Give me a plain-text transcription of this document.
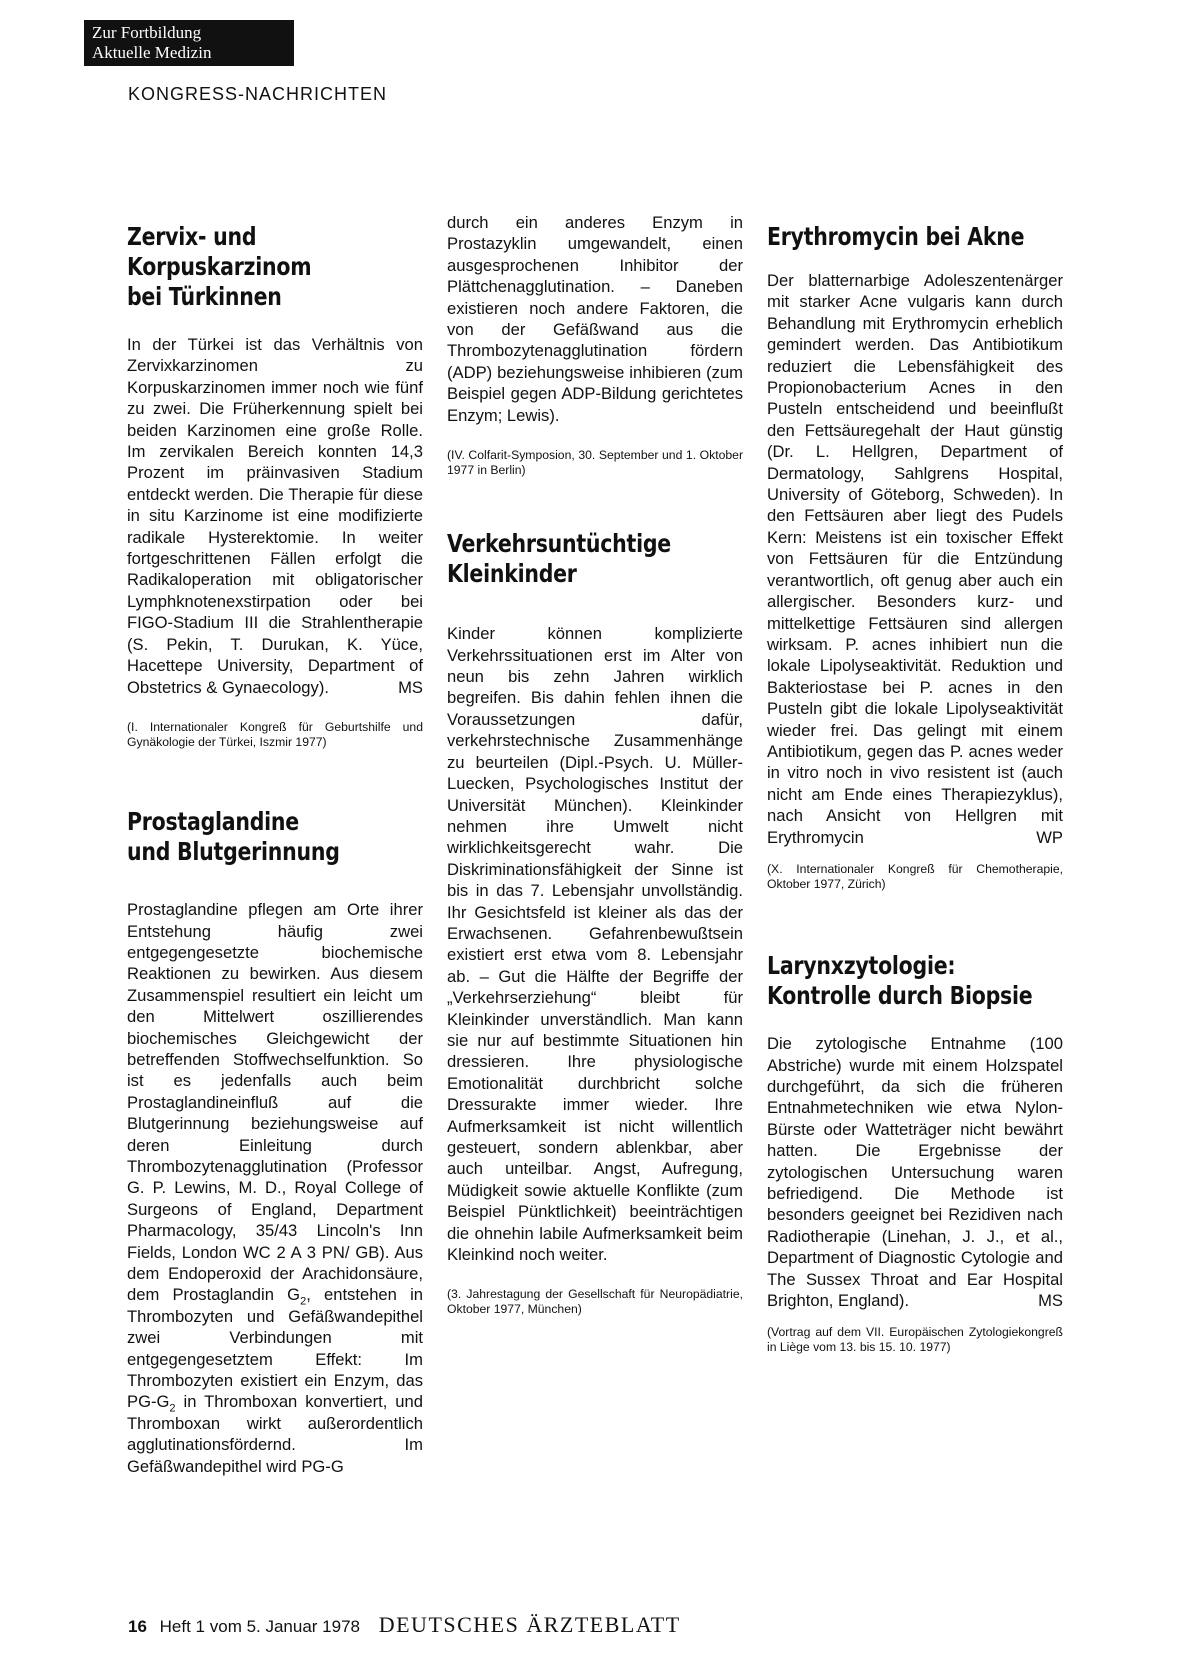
Zur Fortbildung
Aktuelle Medizin
KONGRESS-NACHRICHTEN
Zervix- und
Korpuskarzinom
bei Türkinnen

In der Türkei ist das Verhältnis von Zervixkarzinomen zu Korpuskarzinomen immer noch wie fünf zu zwei. Die Früherkennung spielt bei beiden Karzinomen eine große Rolle. Im zervikalen Bereich konnten 14,3 Prozent im präinvasiven Stadium entdeckt werden. Die Therapie für diese in situ Karzinome ist eine modifizierte radikale Hysterektomie. In weiter fortgeschrittenen Fällen erfolgt die Radikaloperation mit obligatorischer Lymphknotenexstirpation oder bei FIGO-Stadium III die Strahlentherapie (S. Pekin, T. Durukan, K. Yüce, Hacettepe University, Department of Obstetrics & Gynaecology).	MS

(I. Internationaler Kongreß für Geburtshilfe und Gynäkologie der Türkei, Iszmir 1977)

Prostaglandine
und Blutgerinnung

Prostaglandine pflegen am Orte ihrer Entstehung häufig zwei entgegengesetzte biochemische Reaktionen zu bewirken. Aus diesem Zusammenspiel resultiert ein leicht um den Mittelwert oszillierendes biochemisches Gleichgewicht der betreffenden Stoffwechselfunktion. So ist es jedenfalls auch beim Prostaglandineinfluß auf die Blutgerinnung beziehungsweise auf deren Einleitung durch Thrombozytenagglutination (Professor G. P. Lewins, M. D., Royal College of Surgeons of England, Department Pharmacology, 35/43 Lincoln's Inn Fields, London WC 2 A 3 PN/ GB). Aus dem Endoperoxid der Arachidonsäure, dem Prostaglandin $G_2$, entstehen in Thrombozyten und Gefäßwandepithel zwei Verbindungen mit entgegengesetztem Effekt: Im Thrombozyten existiert ein Enzym, das $PG-G_2$ in Thromboxan konvertiert, und Thromboxan wirkt außerordentlich agglutinationsfördernd. Im Gefäßwandepithel wird PG-G

durch ein anderes Enzym in Prostazyklin umgewandelt, einen ausgesprochenen Inhibitor der Plättchenagglutination. – Daneben existieren noch andere Faktoren, die von der Gefäßwand aus die Thrombozytenagglutination fördern (ADP) beziehungsweise inhibieren (zum Beispiel gegen ADP-Bildung gerichtetes Enzym; Lewis).

(IV. Colfarit-Symposion, 30. September und 1. Oktober 1977 in Berlin)

Verkehrsuntüchtige
Kleinkinder

Kinder können komplizierte Verkehrssituationen erst im Alter von neun bis zehn Jahren wirklich begreifen. Bis dahin fehlen ihnen die Voraussetzungen dafür, verkehrstechnische Zusammenhänge zu beurteilen (Dipl.-Psych. U. Müller-Luecken, Psychologisches Institut der Universität München). Kleinkinder nehmen ihre Umwelt nicht wirklichkeitsgerecht wahr. Die Diskriminationsfähigkeit der Sinne ist bis in das 7. Lebensjahr unvollständig. Ihr Gesichtsfeld ist kleiner als das der Erwachsenen. Gefahrenbewußtsein existiert erst etwa vom 8. Lebensjahr ab. – Gut die Hälfte der Begriffe der „Verkehrserziehung“ bleibt für Kleinkinder unverständlich. Man kann sie nur auf bestimmte Situationen hin dressieren. Ihre physiologische Emotionalität durchbricht solche Dressurakte immer wieder. Ihre Aufmerksamkeit ist nicht willentlich gesteuert, sondern ablenkbar, aber auch unteilbar. Angst, Aufregung, Müdigkeit sowie aktuelle Konflikte (zum Beispiel Pünktlichkeit) beeinträchtigen die ohnehin labile Aufmerksamkeit beim Kleinkind noch weiter.

(3. Jahrestagung der Gesellschaft für Neuropädiatrie, Oktober 1977, München)

Erythromycin bei Akne

Der blatternarbige Adoleszentenärger mit starker Acne vulgaris kann durch Behandlung mit Erythromycin erheblich gemindert werden. Das Antibiotikum reduziert die Lebensfähigkeit des Propionobacterium Acnes in den Pusteln entscheidend und beeinflußt den Fettsäuregehalt der Haut günstig (Dr. L. Hellgren, Department of Dermatology, Sahlgrens Hospital, University of Göteborg, Schweden). In den Fettsäuren aber liegt des Pudels Kern: Meistens ist ein toxischer Effekt von Fettsäuren für die Entzündung verantwortlich, oft genug aber auch ein allergischer. Besonders kurz- und mittelkettige Fettsäuren sind allergen wirksam. P. acnes inhibiert nun die lokale Lipolyseaktivität. Reduktion und Bakteriostase bei P. acnes in den Pusteln gibt die lokale Lipolyseaktivität wieder frei. Das gelingt mit einem Antibiotikum, gegen das P. acnes weder in vitro noch in vivo resistent ist (auch nicht am Ende eines Therapiezyklus), nach Ansicht von Hellgren mit Erythromycin	WP

(X. Internationaler Kongreß für Chemotherapie, Oktober 1977, Zürich)

Larynxzytologie:
Kontrolle durch Biopsie

Die zytologische Entnahme (100 Abstriche) wurde mit einem Holzspatel durchgeführt, da sich die früheren Entnahmetechniken wie etwa Nylon-Bürste oder Watteträger nicht bewährt hatten. Die Ergebnisse der zytologischen Untersuchung waren befriedigend. Die Methode ist besonders geeignet bei Rezidiven nach Radiotherapie (Linehan, J. J., et al., Department of Diagnostic Cytologie and The Sussex Throat and Ear Hospital Brighton, England).	MS

(Vortrag auf dem VII. Europäischen Zytologiekongreß in Liège vom 13. bis 15. 10. 1977)

16 Heft 1 vom 5. Januar 1978 DEUTSCHES ÄRZTEBLATT
